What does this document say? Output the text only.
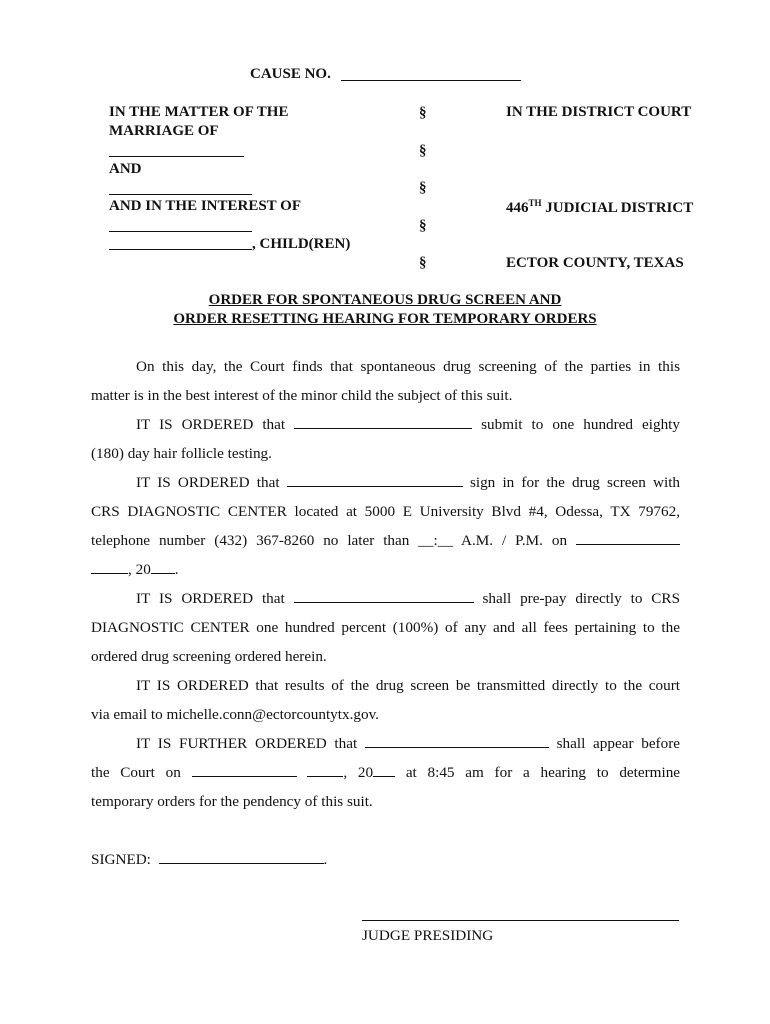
CAUSE NO.
IN THE MATTER OF THE
MARRIAGE OF
AND
AND IN THE INTEREST OF
, CHILD(REN)
§
§
§
§
§
IN THE DISTRICT COURT
446TH JUDICIAL DISTRICT
ECTOR COUNTY, TEXAS
ORDER FOR SPONTANEOUS DRUG SCREEN AND
ORDER RESETTING HEARING FOR TEMPORARY ORDERS
On this day, the Court finds that spontaneous drug screening of the parties in this
matter is in the best interest of the minor child the subject of this suit.
IT IS ORDERED that	submit to one hundred eighty
(180) day hair follicle testing.
IT IS ORDERED that	sign in for the drug screen with
CRS DIAGNOSTIC CENTER located at 5000 E University Blvd #4, Odessa, TX 79762,
telephone number (432) 367-8260 no later than __:__ A.M. / P.M. on
, 20 .
IT IS ORDERED that	shall pre-pay directly to CRS
DIAGNOSTIC CENTER one hundred percent (100%) of any and all fees pertaining to the
ordered drug screening ordered herein.
IT IS ORDERED that results of the drug screen be transmitted directly to the court
via email to michelle.conn@ectorcountytx.gov.
IT IS FURTHER ORDERED that	shall appear before
the Court on	, 20 at 8:45 am for a hearing to determine
temporary orders for the pendency of this suit.
SIGNED:	.
JUDGE PRESIDING
